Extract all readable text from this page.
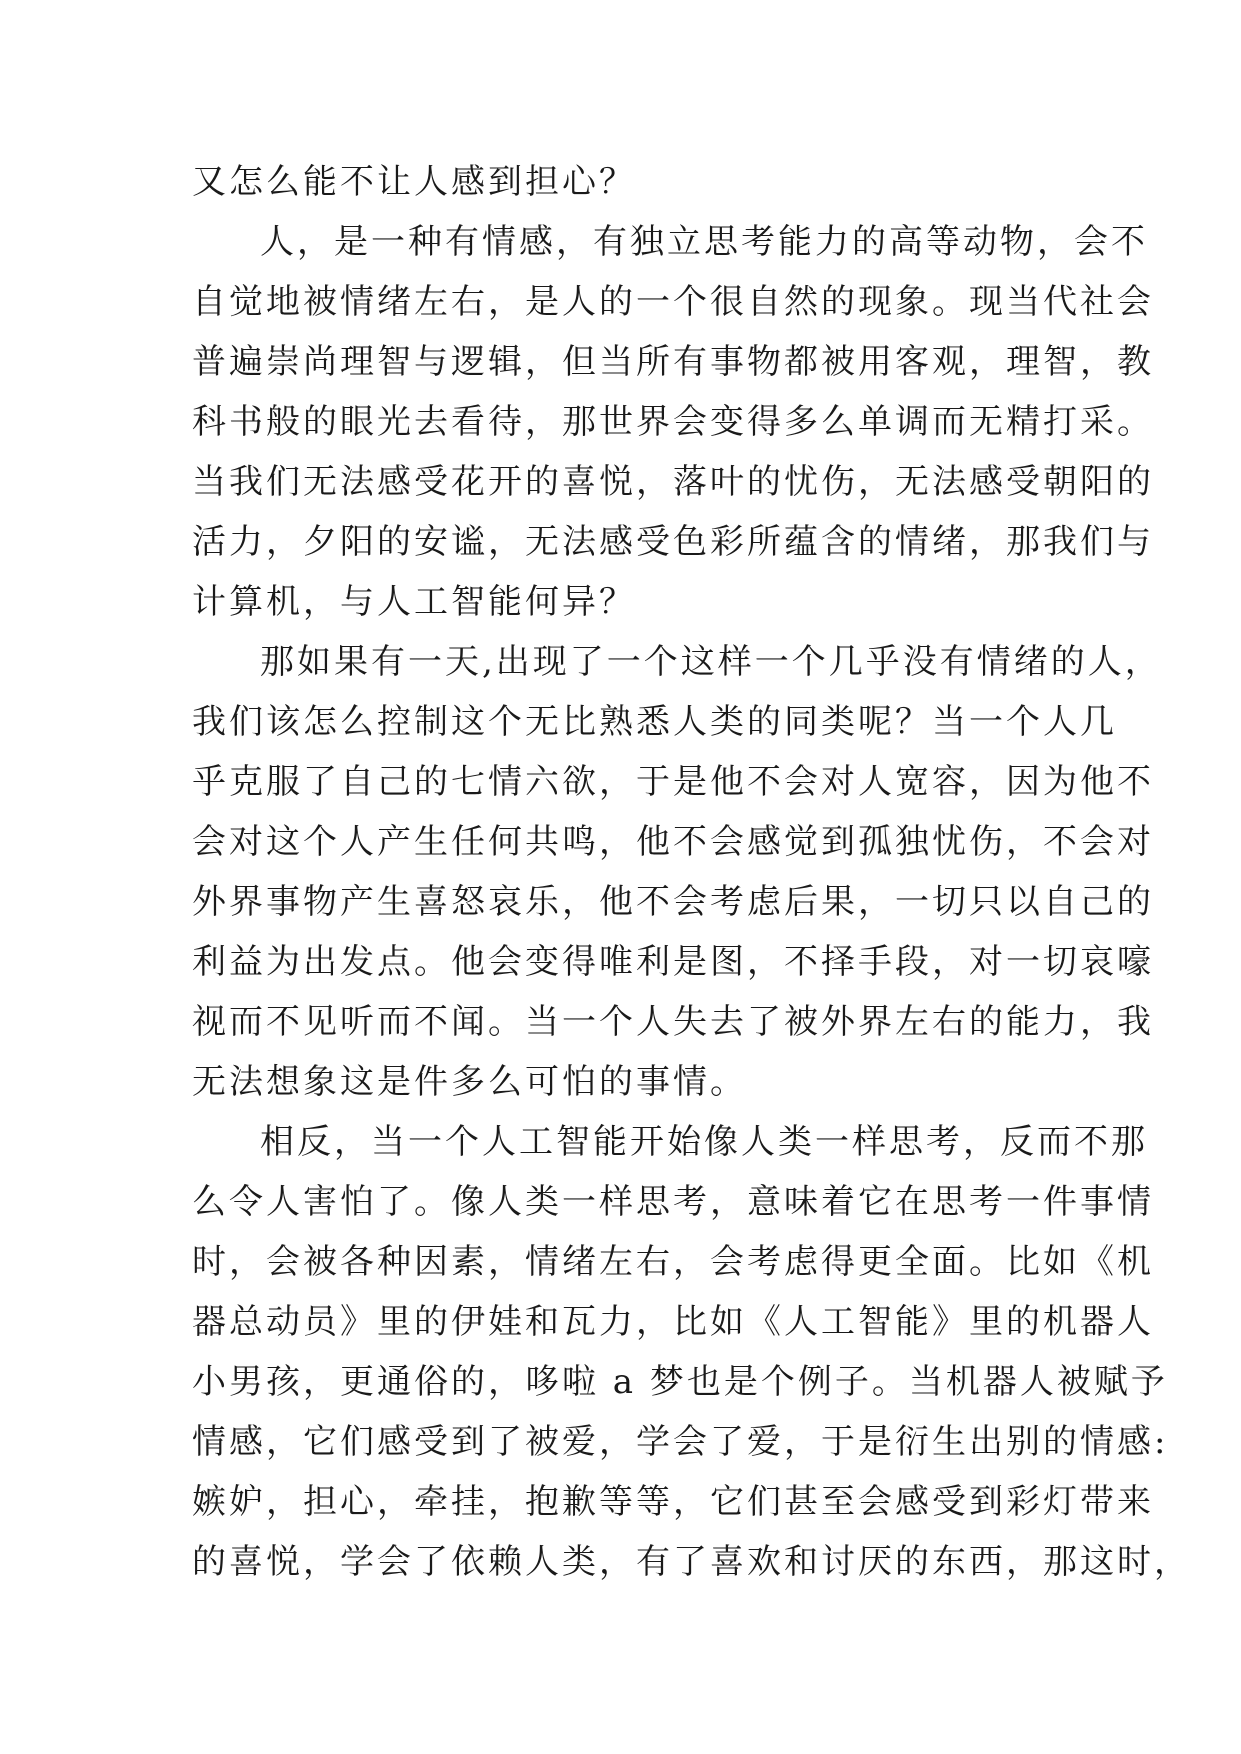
又怎么能不让人感到担心？
人，是一种有情感，有独立思考能力的高等动物，会不
自觉地被情绪左右，是人的一个很自然的现象。现当代社会
普遍崇尚理智与逻辑，但当所有事物都被用客观，理智，教
科书般的眼光去看待，那世界会变得多么单调而无精打采。
当我们无法感受花开的喜悦，落叶的忧伤，无法感受朝阳的
活力，夕阳的安谧，无法感受色彩所蕴含的情绪，那我们与
计算机，与人工智能何异？
那如果有一天,出现了一个这样一个几乎没有情绪的人，
我们该怎么控制这个无比熟悉人类的同类呢？当一个人几
乎克服了自己的七情六欲，于是他不会对人宽容，因为他不
会对这个人产生任何共鸣，他不会感觉到孤独忧伤，不会对
外界事物产生喜怒哀乐，他不会考虑后果，一切只以自己的
利益为出发点。他会变得唯利是图，不择手段，对一切哀嚎
视而不见听而不闻。当一个人失去了被外界左右的能力，我
无法想象这是件多么可怕的事情。
相反，当一个人工智能开始像人类一样思考，反而不那
么令人害怕了。像人类一样思考，意味着它在思考一件事情
时，会被各种因素，情绪左右，会考虑得更全面。比如《机
器总动员》里的伊娃和瓦力，比如《人工智能》里的机器人
小男孩，更通俗的，哆啦 a 梦也是个例子。当机器人被赋予
情感，它们感受到了被爱，学会了爱，于是衍生出别的情感:
嫉妒，担心，牵挂，抱歉等等，它们甚至会感受到彩灯带来
的喜悦，学会了依赖人类，有了喜欢和讨厌的东西，那这时，
